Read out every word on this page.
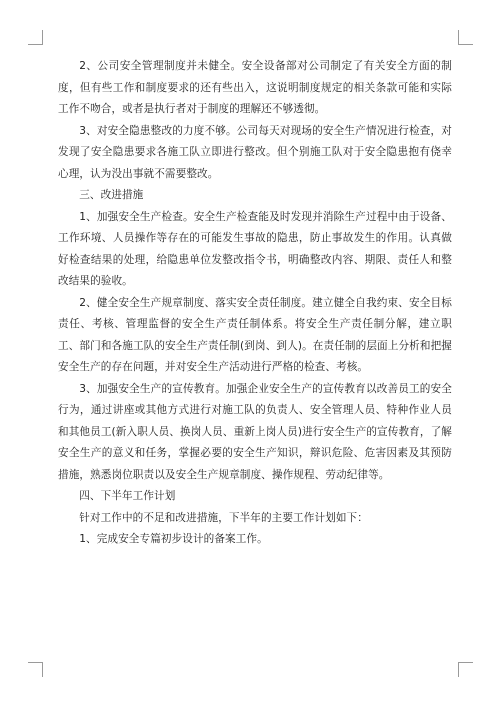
2、公司安全管理制度并未健全。安全设备部对公司制定了有关安全方面的制度，但有些工作和制度要求的还有些出入，这说明制度规定的相关条款可能和实际工作不吻合，或者是执行者对于制度的理解还不够透彻。

3、对安全隐患整改的力度不够。公司每天对现场的安全生产情况进行检查，对发现了安全隐患要求各施工队立即进行整改。但个别施工队对于安全隐患抱有侥幸心理，认为没出事就不需要整改。

三、改进措施

1、加强安全生产检查。安全生产检查能及时发现并消除生产过程中由于设备、工作环境、人员操作等存在的可能发生事故的隐患，防止事故发生的作用。认真做好检查结果的处理，给隐患单位发整改指令书，明确整改内容、期限、责任人和整改结果的验收。

2、健全安全生产规章制度、落实安全责任制度。建立健全自我约束、安全目标责任、考核、管理监督的安全生产责任制体系。将安全生产责任制分解，建立职工、部门和各施工队的安全生产责任制(到岗、到人)。在责任制的层面上分析和把握安全生产的存在问题，并对安全生产活动进行严格的检查、考核。

3、加强安全生产的宣传教育。加强企业安全生产的宣传教育以改善员工的安全行为，通过讲座或其他方式进行对施工队的负责人、安全管理人员、特种作业人员和其他员工(新入职人员、换岗人员、重新上岗人员)进行安全生产的宣传教育，了解安全生产的意义和任务，掌握必要的安全生产知识，辩识危险、危害因素及其预防措施，熟悉岗位职责以及安全生产规章制度、操作规程、劳动纪律等。

四、下半年工作计划

针对工作中的不足和改进措施，下半年的主要工作计划如下：

1、完成安全专篇初步设计的备案工作。
